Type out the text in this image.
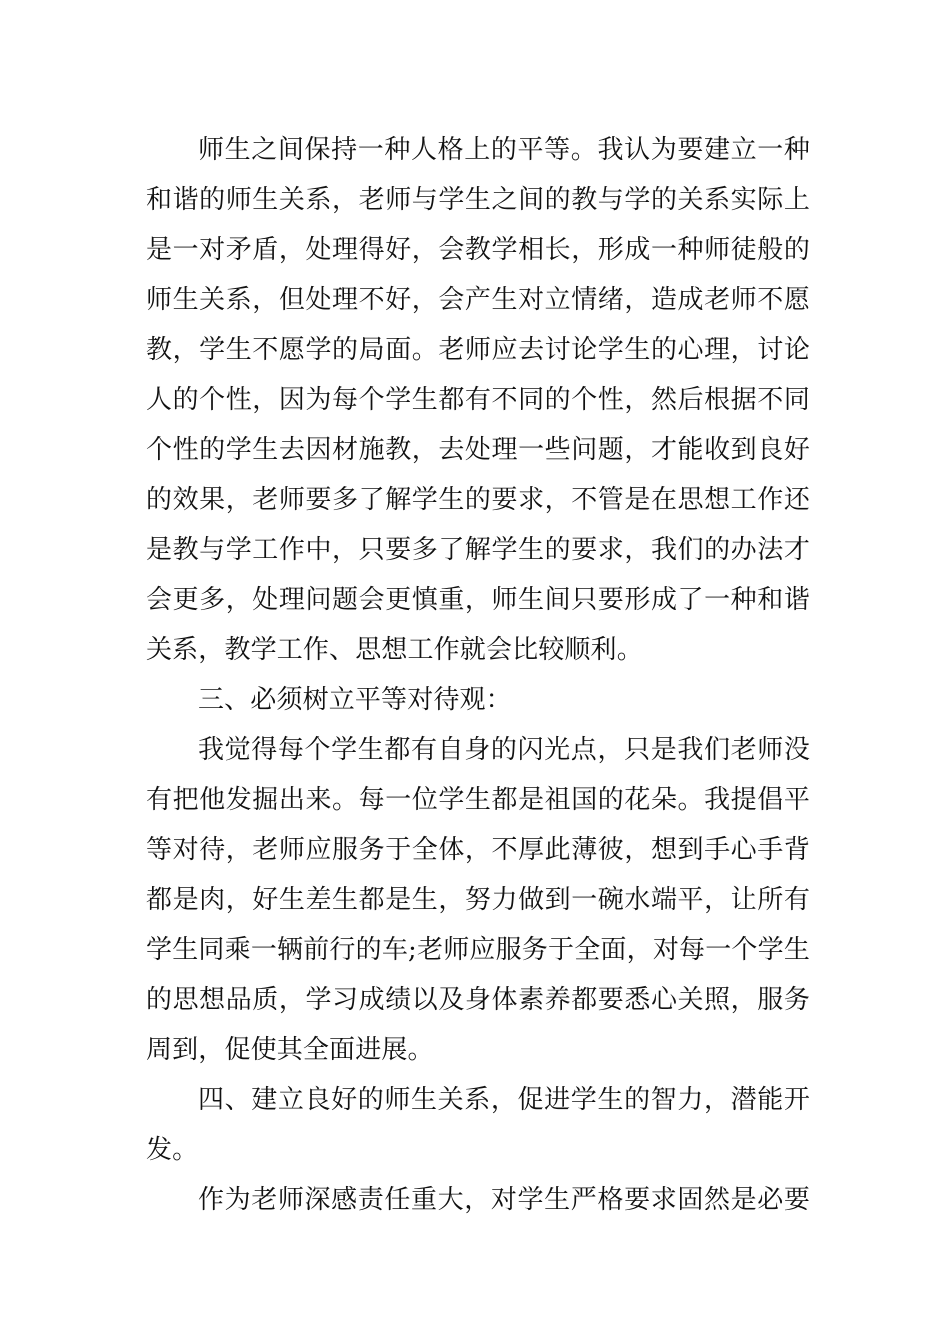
师生之间保持一种人格上的平等。我认为要建立一种
和谐的师生关系，老师与学生之间的教与学的关系实际上
是一对矛盾，处理得好，会教学相长，形成一种师徒般的
师生关系，但处理不好，会产生对立情绪，造成老师不愿
教，学生不愿学的局面。老师应去讨论学生的心理，讨论
人的个性，因为每个学生都有不同的个性，然后根据不同
个性的学生去因材施教，去处理一些问题，才能收到良好
的效果，老师要多了解学生的要求，不管是在思想工作还
是教与学工作中，只要多了解学生的要求，我们的办法才
会更多，处理问题会更慎重，师生间只要形成了一种和谐
关系，教学工作、思想工作就会比较顺利。
三、必须树立平等对待观：
我觉得每个学生都有自身的闪光点，只是我们老师没
有把他发掘出来。每一位学生都是祖国的花朵。我提倡平
等对待，老师应服务于全体，不厚此薄彼，想到手心手背
都是肉，好生差生都是生，努力做到一碗水端平，让所有
学生同乘一辆前行的车;老师应服务于全面，对每一个学生
的思想品质，学习成绩以及身体素养都要悉心关照，服务
周到，促使其全面进展。
四、建立良好的师生关系，促进学生的智力，潜能开
发。
作为老师深感责任重大，对学生严格要求固然是必要
